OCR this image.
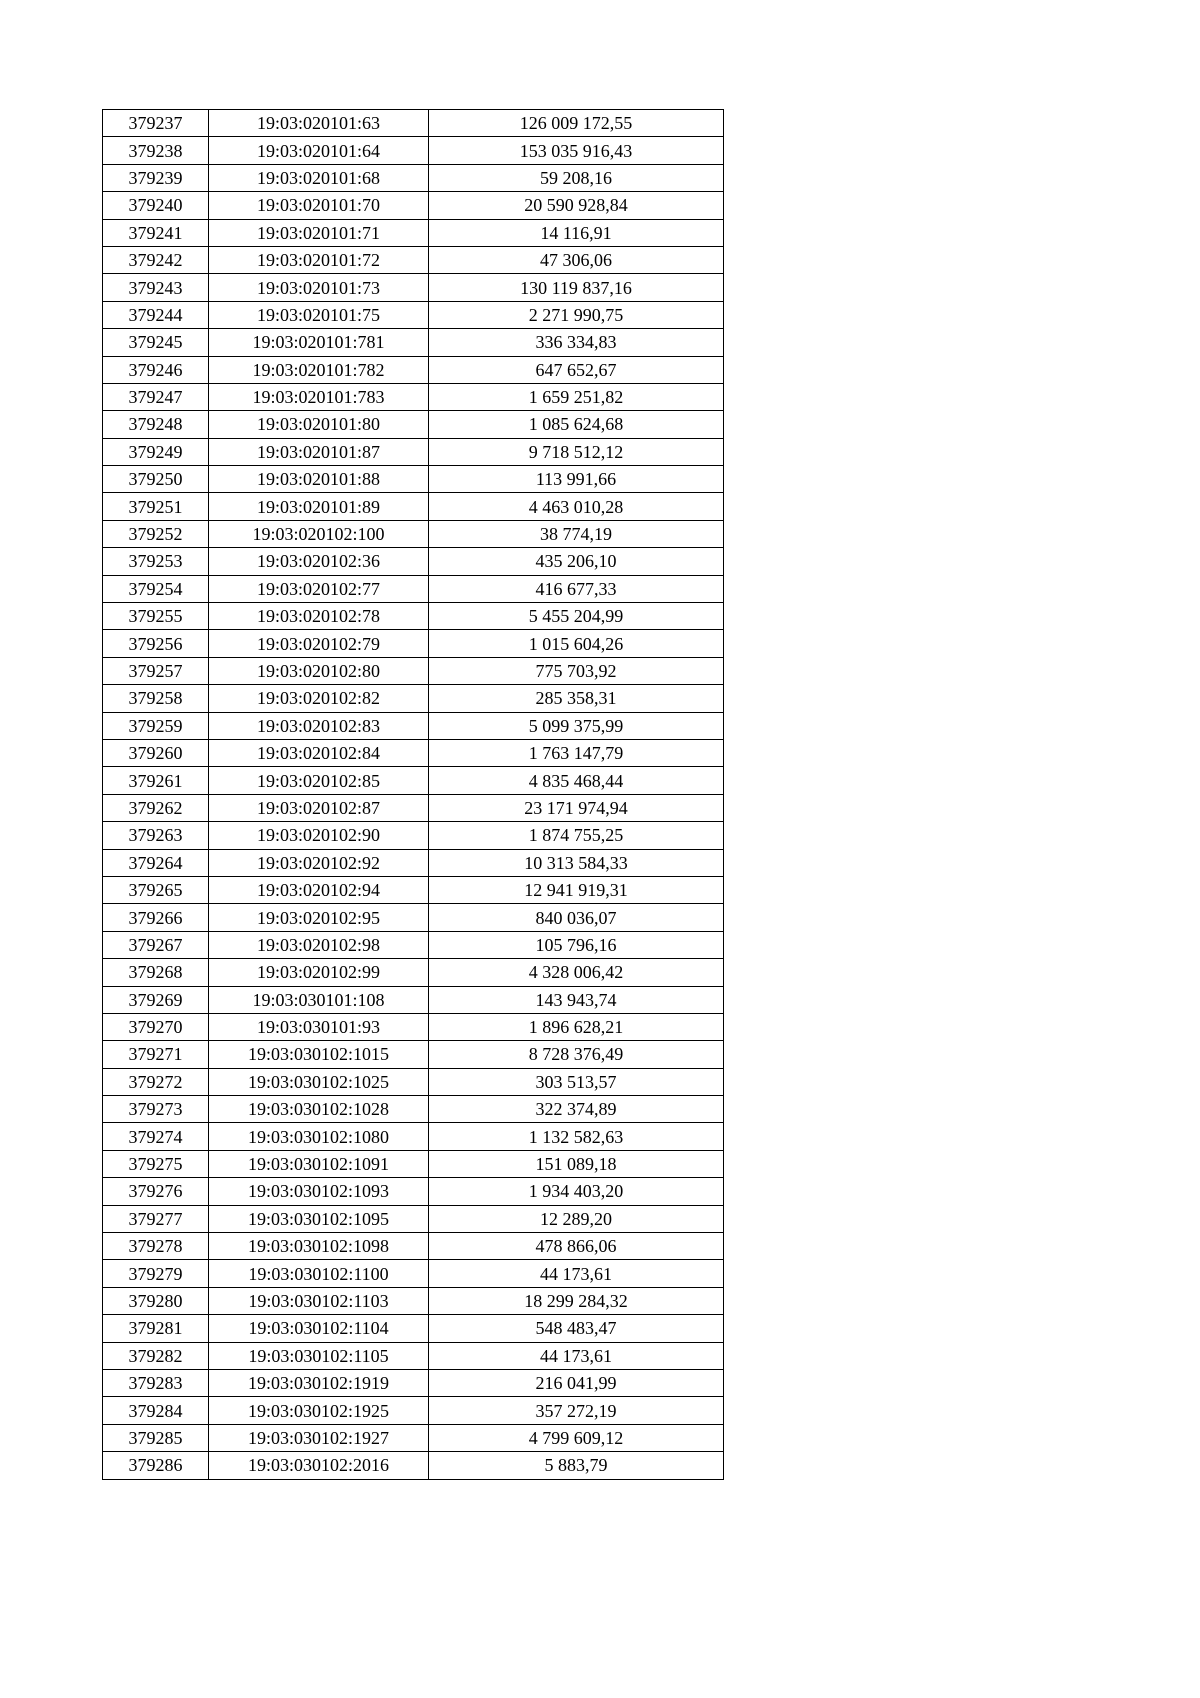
379237	19:03:020101:63	126 009 172,55
379238	19:03:020101:64	153 035 916,43
379239	19:03:020101:68	59 208,16
379240	19:03:020101:70	20 590 928,84
379241	19:03:020101:71	14 116,91
379242	19:03:020101:72	47 306,06
379243	19:03:020101:73	130 119 837,16
379244	19:03:020101:75	2 271 990,75
379245	19:03:020101:781	336 334,83
379246	19:03:020101:782	647 652,67
379247	19:03:020101:783	1 659 251,82
379248	19:03:020101:80	1 085 624,68
379249	19:03:020101:87	9 718 512,12
379250	19:03:020101:88	113 991,66
379251	19:03:020101:89	4 463 010,28
379252	19:03:020102:100	38 774,19
379253	19:03:020102:36	435 206,10
379254	19:03:020102:77	416 677,33
379255	19:03:020102:78	5 455 204,99
379256	19:03:020102:79	1 015 604,26
379257	19:03:020102:80	775 703,92
379258	19:03:020102:82	285 358,31
379259	19:03:020102:83	5 099 375,99
379260	19:03:020102:84	1 763 147,79
379261	19:03:020102:85	4 835 468,44
379262	19:03:020102:87	23 171 974,94
379263	19:03:020102:90	1 874 755,25
379264	19:03:020102:92	10 313 584,33
379265	19:03:020102:94	12 941 919,31
379266	19:03:020102:95	840 036,07
379267	19:03:020102:98	105 796,16
379268	19:03:020102:99	4 328 006,42
379269	19:03:030101:108	143 943,74
379270	19:03:030101:93	1 896 628,21
379271	19:03:030102:1015	8 728 376,49
379272	19:03:030102:1025	303 513,57
379273	19:03:030102:1028	322 374,89
379274	19:03:030102:1080	1 132 582,63
379275	19:03:030102:1091	151 089,18
379276	19:03:030102:1093	1 934 403,20
379277	19:03:030102:1095	12 289,20
379278	19:03:030102:1098	478 866,06
379279	19:03:030102:1100	44 173,61
379280	19:03:030102:1103	18 299 284,32
379281	19:03:030102:1104	548 483,47
379282	19:03:030102:1105	44 173,61
379283	19:03:030102:1919	216 041,99
379284	19:03:030102:1925	357 272,19
379285	19:03:030102:1927	4 799 609,12
379286	19:03:030102:2016	5 883,79
